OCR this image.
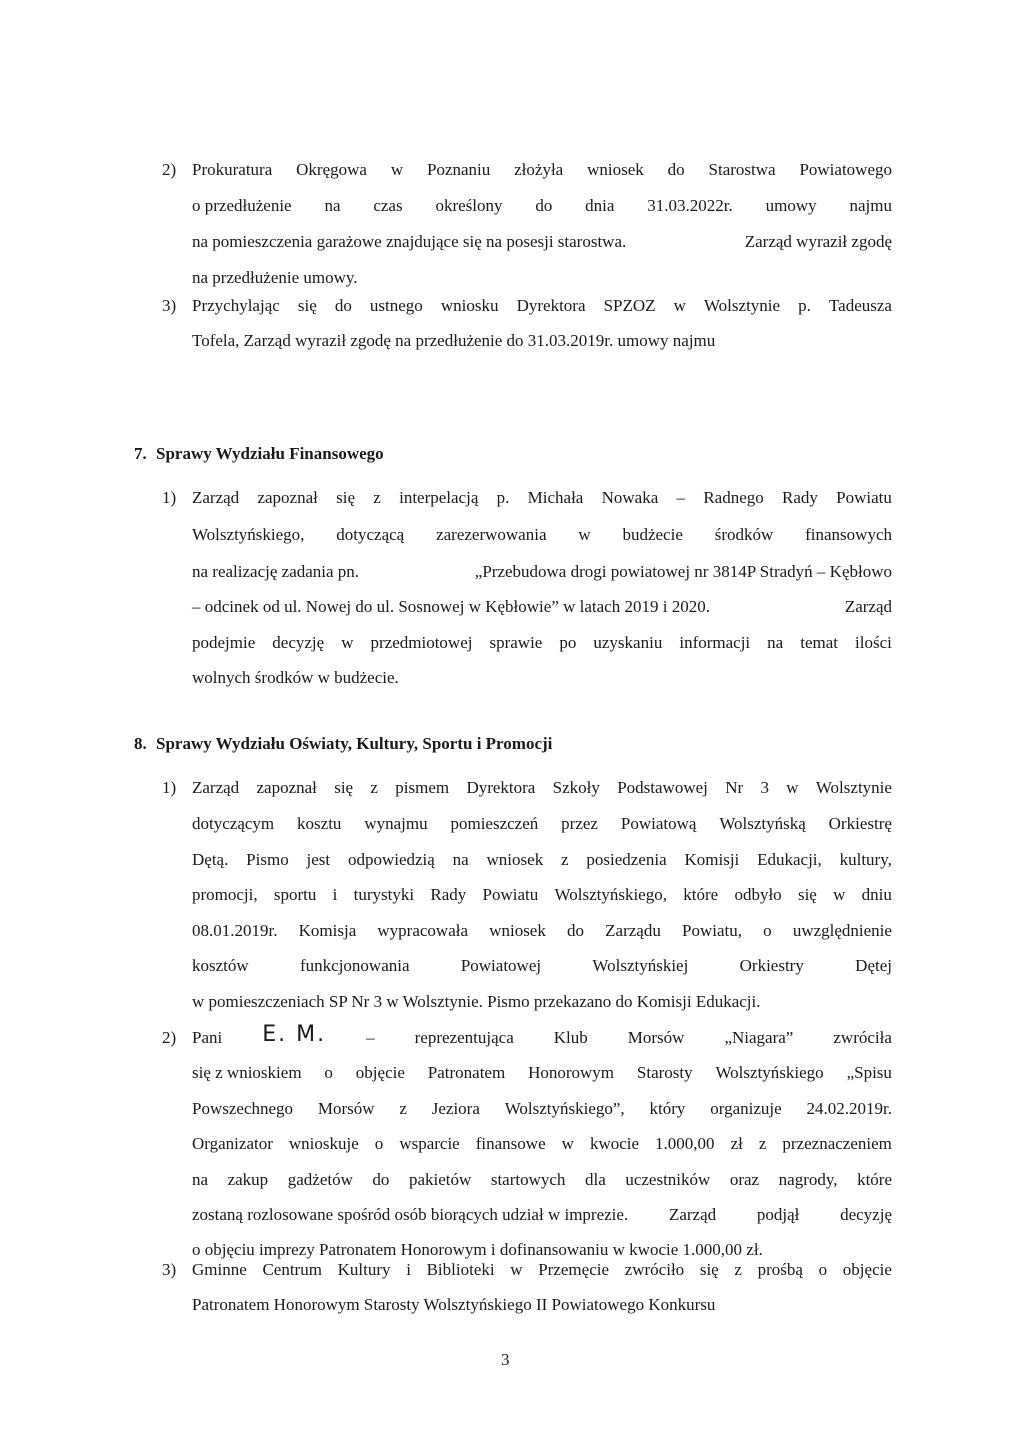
2) Prokuratura Okręgowa w Poznaniu złożyła wniosek do Starostwa Powiatowego
o przedłużenie na czas określony do dnia 31.03.2022r. umowy najmu
na pomieszczenia garażowe znajdujące się na posesji starostwa.	Zarząd wyraził zgodę
na przedłużenie umowy.
3) Przychylając się do ustnego wniosku Dyrektora SPZOZ w Wolsztynie p. Tadeusza
Tofela, Zarząd wyraził zgodę na przedłużenie do 31.03.2019r. umowy najmu
7. Sprawy Wydziału Finansowego
1) Zarząd zapoznał się z interpelacją p. Michała Nowaka – Radnego Rady Powiatu
Wolsztyńskiego, dotyczącą zarezerwowania w budżecie środków finansowych
na realizację zadania pn.	„Przebudowa drogi powiatowej nr 3814P Stradyń – Kębłowo
– odcinek od ul. Nowej do ul. Sosnowej w Kębłowie” w latach 2019 i 2020.	Zarząd
podejmie decyzję w przedmiotowej sprawie po uzyskaniu informacji na temat ilości
wolnych środków w budżecie.
8. Sprawy Wydziału Oświaty, Kultury, Sportu i Promocji
1) Zarząd zapoznał się z pismem Dyrektora Szkoły Podstawowej Nr 3 w Wolsztynie
dotyczącym kosztu wynajmu pomieszczeń przez Powiatową Wolsztyńską Orkiestrę
Dętą. Pismo jest odpowiedzią na wniosek z posiedzenia Komisji Edukacji, kultury,
promocji, sportu i turystyki Rady Powiatu Wolsztyńskiego, które odbyło się w dniu
08.01.2019r. Komisja wypracowała wniosek do Zarządu Powiatu, o uwzględnienie
kosztów	funkcjonowania	Powiatowej	Wolsztyńskiej	Orkiestry	Dętej
w pomieszczeniach SP Nr 3 w Wolsztynie. Pismo przekazano do Komisji Edukacji.
2) Pani E. M. – reprezentująca Klub Morsów „Niagara” zwróciła
się z wnioskiem o objęcie Patronatem Honorowym Starosty Wolsztyńskiego „Spisu
Powszechnego Morsów z Jeziora Wolsztyńskiego”, który organizuje 24.02.2019r.
Organizator wnioskuje o wsparcie finansowe w kwocie 1.000,00 zł z przeznaczeniem
na zakup gadżetów do pakietów startowych dla uczestników oraz nagrody, które
zostaną rozlosowane spośród osób biorących udział w imprezie. Zarząd podjął decyzję
o objęciu imprezy Patronatem Honorowym i dofinansowaniu w kwocie 1.000,00 zł.
3) Gminne Centrum Kultury i Biblioteki w Przemęcie zwróciło się z prośbą o objęcie
Patronatem Honorowym Starosty Wolsztyńskiego II Powiatowego Konkursu
3
